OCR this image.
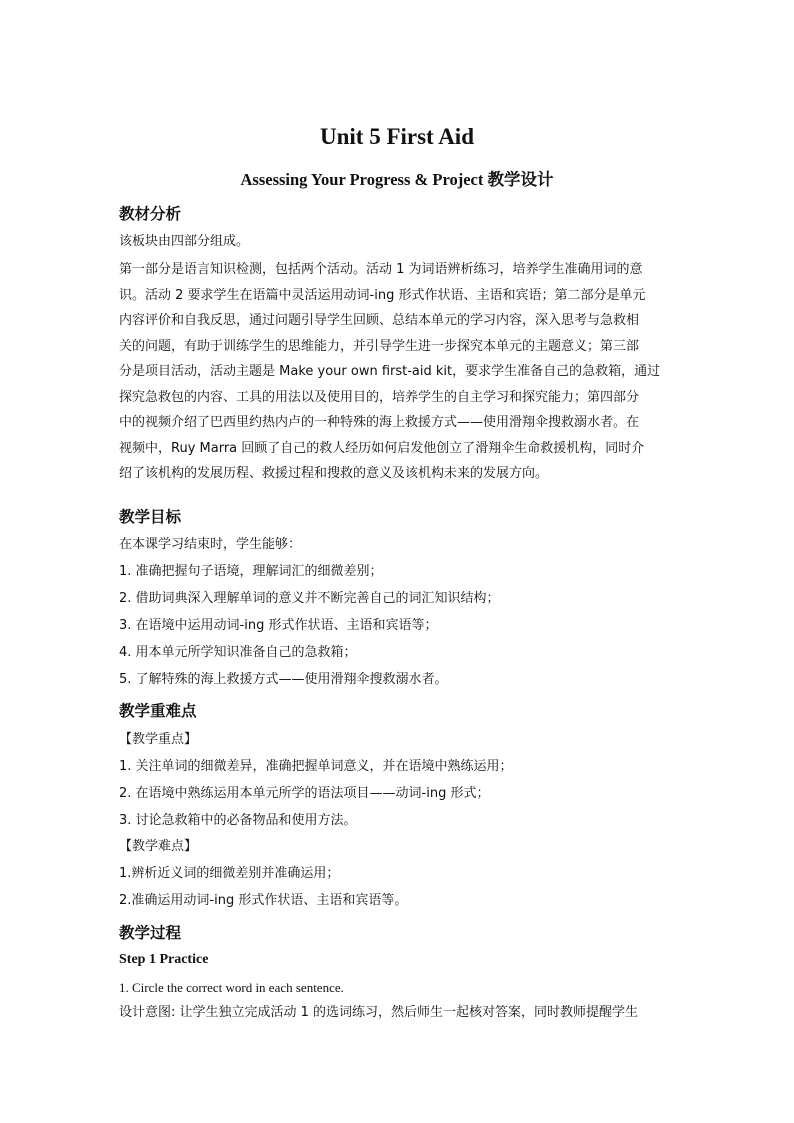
Unit 5 First Aid
Assessing Your Progress & Project 教学设计
教材分析
该板块由四部分组成。
第一部分是语言知识检测，包括两个活动。活动 1 为词语辨析练习，培养学生准确用词的意
识。活动 2 要求学生在语篇中灵活运用动词-ing 形式作状语、主语和宾语；第二部分是单元
内容评价和自我反思，通过问题引导学生回顾、总结本单元的学习内容，深入思考与急救相
关的问题，有助于训练学生的思维能力，并引导学生进一步探究本单元的主题意义；第三部
分是项目活动，活动主题是 Make your own first-aid kit，要求学生准备自己的急救箱，通过
探究急救包的内容、工具的用法以及使用目的，培养学生的自主学习和探究能力；第四部分
中的视频介绍了巴西里约热内卢的一种特殊的海上救援方式——使用滑翔伞搜救溺水者。在
视频中，Ruy Marra 回顾了自己的救人经历如何启发他创立了滑翔伞生命救援机构，同时介
绍了该机构的发展历程、救援过程和搜救的意义及该机构未来的发展方向。
教学目标
在本课学习结束时，学生能够：
1. 准确把握句子语境，理解词汇的细微差别；
2. 借助词典深入理解单词的意义并不断完善自己的词汇知识结构；
3. 在语境中运用动词-ing 形式作状语、主语和宾语等；
4. 用本单元所学知识准备自己的急救箱；
5. 了解特殊的海上救援方式——使用滑翔伞搜救溺水者。
教学重难点
【教学重点】
1. 关注单词的细微差异，准确把握单词意义，并在语境中熟练运用；
2. 在语境中熟练运用本单元所学的语法项目——动词-ing 形式；
3. 讨论急救箱中的必备物品和使用方法。
【教学难点】
1.辨析近义词的细微差别并准确运用；
2.准确运用动词-ing 形式作状语、主语和宾语等。
教学过程
Step 1 Practice
1. Circle the correct word in each sentence.
设计意图: 让学生独立完成活动 1 的选词练习，然后师生一起核对答案，同时教师提醒学生
